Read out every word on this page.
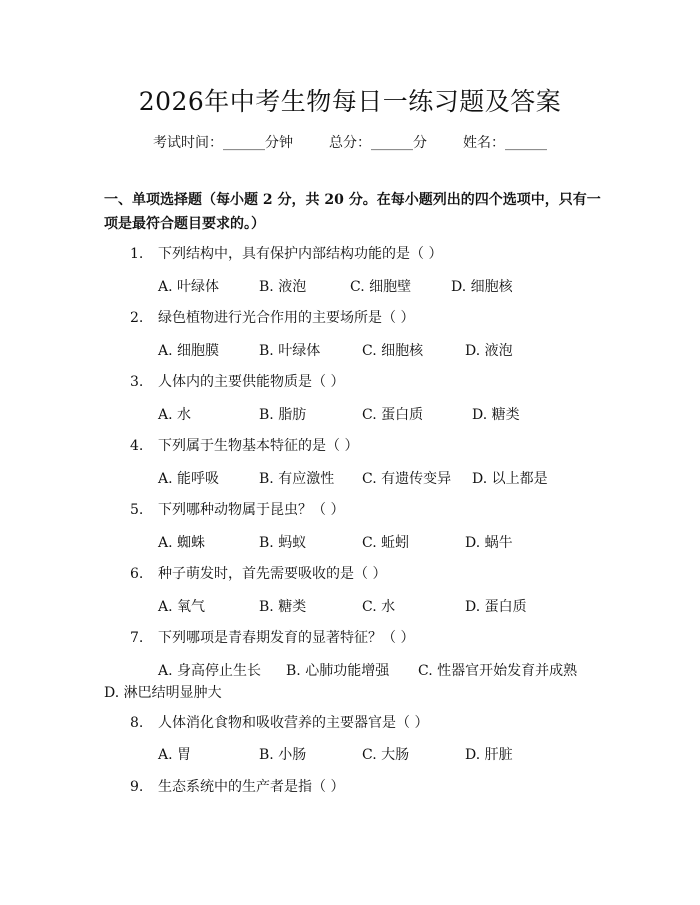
2026年中考生物每日一练习题及答案
考试时间：______分钟	总分：______分	姓名：______
一、单项选择题（每小题 2 分，共 20 分。在每小题列出的四个选项中，只有一项是最符合题目要求的。）
1. 下列结构中，具有保护内部结构功能的是（ ）
A. 叶绿体	B. 液泡	C. 细胞壁	D. 细胞核
2. 绿色植物进行光合作用的主要场所是（ ）
A. 细胞膜	B. 叶绿体	C. 细胞核	D. 液泡
3. 人体内的主要供能物质是（ ）
A. 水	B. 脂肪	C. 蛋白质	D. 糖类
4. 下列属于生物基本特征的是（ ）
A. 能呼吸	B. 有应激性 C. 有遗传变异 D. 以上都是
5. 下列哪种动物属于昆虫？（ ）
A. 蜘蛛	B. 蚂蚁	C. 蚯蚓	D. 蜗牛
6. 种子萌发时，首先需要吸收的是（ ）
A. 氧气	B. 糖类	C. 水	D. 蛋白质
7. 下列哪项是青春期发育的显著特征？（ ）
A. 身高停止生长 B. 心肺功能增强 C. 性器官开始发育并成熟
D. 淋巴结明显肿大
8. 人体消化食物和吸收营养的主要器官是（ ）
A. 胃	B. 小肠	C. 大肠	D. 肝脏
9. 生态系统中的生产者是指（ ）
